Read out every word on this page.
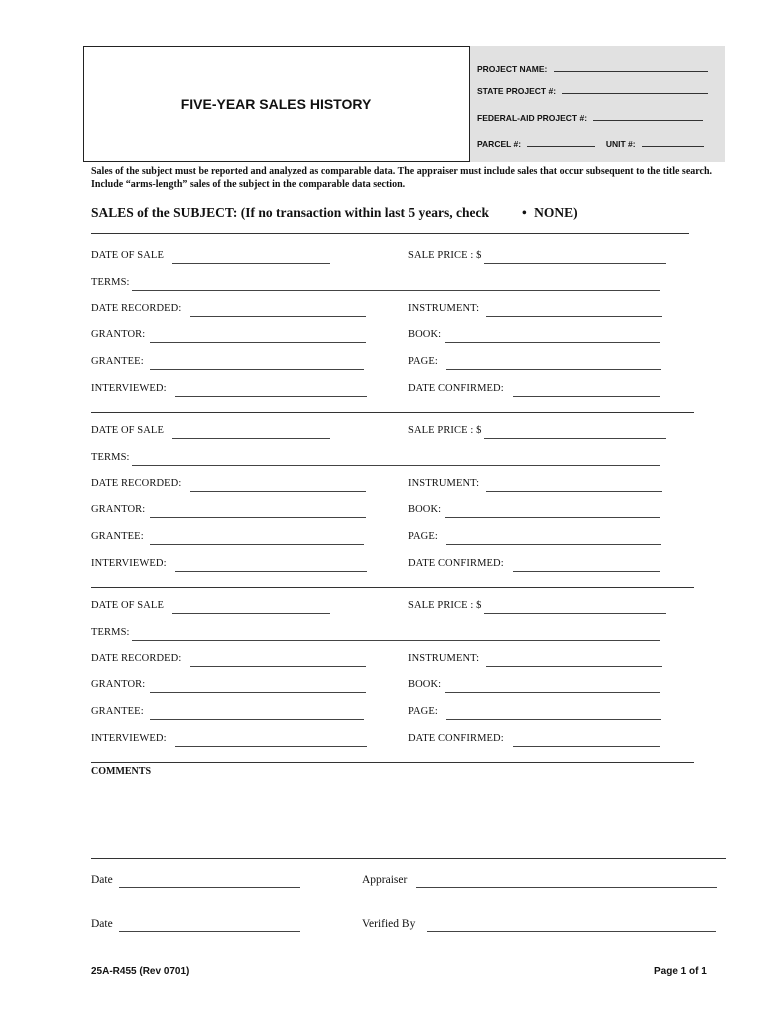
FIVE-YEAR SALES HISTORY
PROJECT NAME:
STATE PROJECT #:
FEDERAL-AID PROJECT #:
PARCEL #:	UNIT #:
Sales of the subject must be reported and analyzed as comparable data. The appraiser must include sales that occur subsequent to the title search. Include “arms-length” sales of the subject in the comparable data section.
SALES of the SUBJECT: (If no transaction within last 5 years, check • NONE)
DATE OF SALE	SALE PRICE : $
TERMS:
DATE RECORDED:	INSTRUMENT:
GRANTOR:	BOOK:
GRANTEE:	PAGE:
INTERVIEWED:	DATE CONFIRMED:
DATE OF SALE	SALE PRICE : $
TERMS:
DATE RECORDED:	INSTRUMENT:
GRANTOR:	BOOK:
GRANTEE:	PAGE:
INTERVIEWED:	DATE CONFIRMED:
DATE OF SALE	SALE PRICE : $
TERMS:
DATE RECORDED:	INSTRUMENT:
GRANTOR:	BOOK:
GRANTEE:	PAGE:
INTERVIEWED:	DATE CONFIRMED:
COMMENTS
Date	Appraiser
Date	Verified By
25A-R455 (Rev 0701)	Page 1 of 1
